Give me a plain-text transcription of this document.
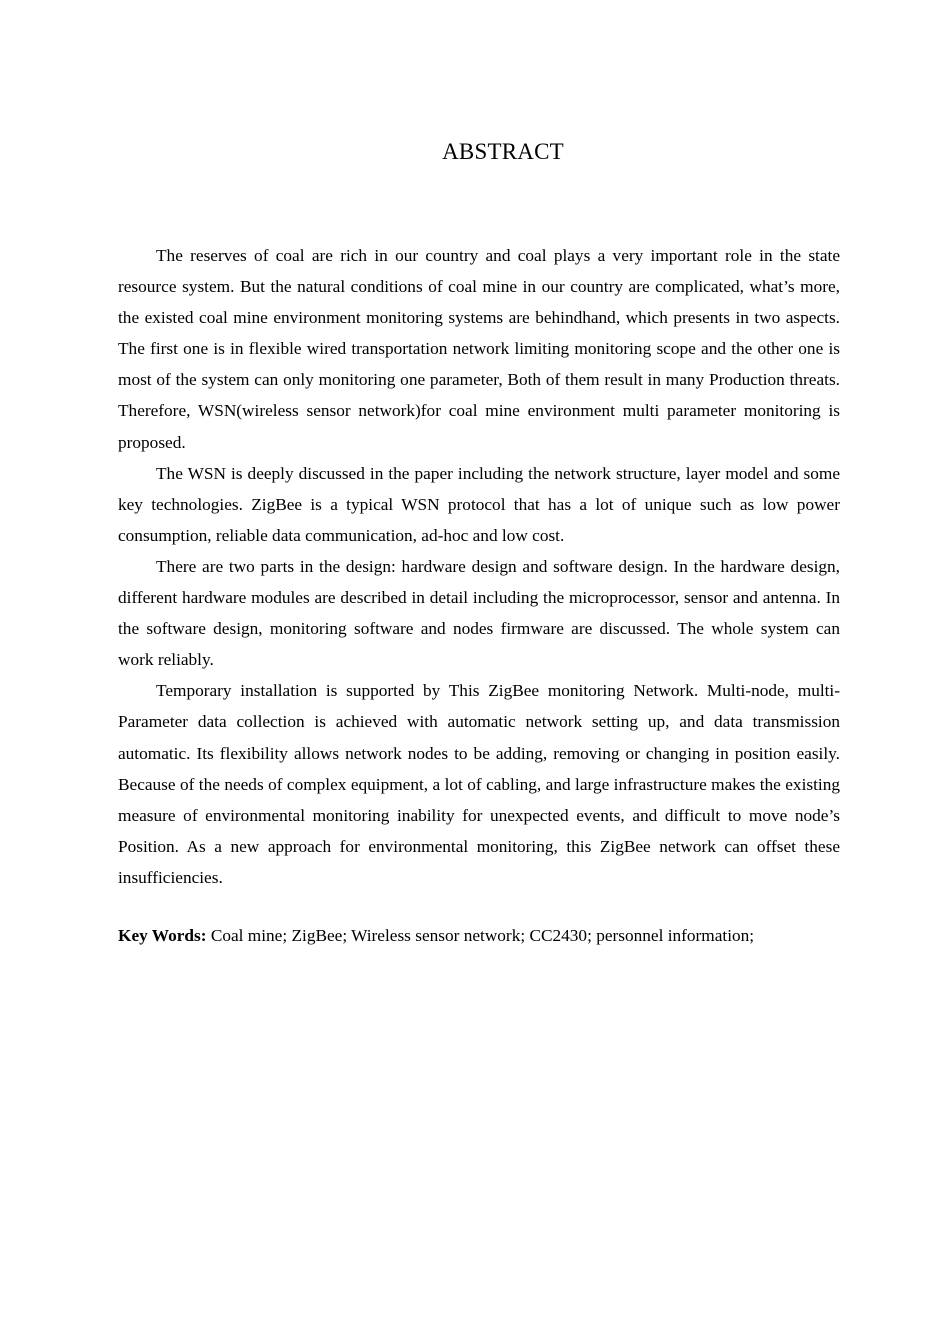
ABSTRACT

The reserves of coal are rich in our country and coal plays a very important role in the state resource system. But the natural conditions of coal mine in our country are complicated, what’s more, the existed coal mine environment monitoring systems are behindhand, which presents in two aspects. The first one is in flexible wired transportation network limiting monitoring scope and the other one is most of the system can only monitoring one parameter, Both of them result in many Production threats. Therefore, WSN(wireless sensor network)for coal mine environment multi parameter monitoring is proposed.

The WSN is deeply discussed in the paper including the network structure, layer model and some key technologies. ZigBee is a typical WSN protocol that has a lot of unique such as low power consumption, reliable data communication, ad-hoc and low cost.

There are two parts in the design: hardware design and software design. In the hardware design, different hardware modules are described in detail including the microprocessor, sensor and antenna. In the software design, monitoring software and nodes firmware are discussed. The whole system can work reliably.

Temporary installation is supported by This ZigBee monitoring Network. Multi-node, multi-Parameter data collection is achieved with automatic network setting up, and data transmission automatic. Its flexibility allows network nodes to be adding, removing or changing in position easily. Because of the needs of complex equipment, a lot of cabling, and large infrastructure makes the existing measure of environmental monitoring inability for unexpected events, and difficult to move node’s Position. As a new approach for environmental monitoring, this ZigBee network can offset these insufficiencies.

Key Words: Coal mine; ZigBee; Wireless sensor network; CC2430; personnel information;
